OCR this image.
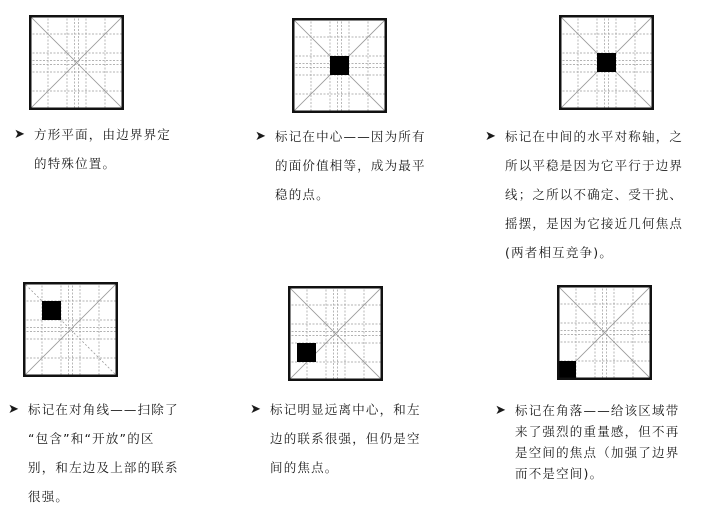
➤ 方形平面，由边界界定
的特殊位置。
➤ 标记在中心——因为所有
的面价值相等，成为最平
稳的点。
➤ 标记在中间的水平对称轴，之
所以平稳是因为它平行于边界
线；之所以不确定、受干扰、
摇摆，是因为它接近几何焦点
(两者相互竞争)。
➤ 标记在对角线——扫除了
“包含”和“开放”的区
别，和左边及上部的联系
很强。
➤ 标记明显远离中心，和左
边的联系很强，但仍是空
间的焦点。
➤ 标记在角落——给该区域带
来了强烈的重量感，但不再
是空间的焦点（加强了边界
而不是空间)。
